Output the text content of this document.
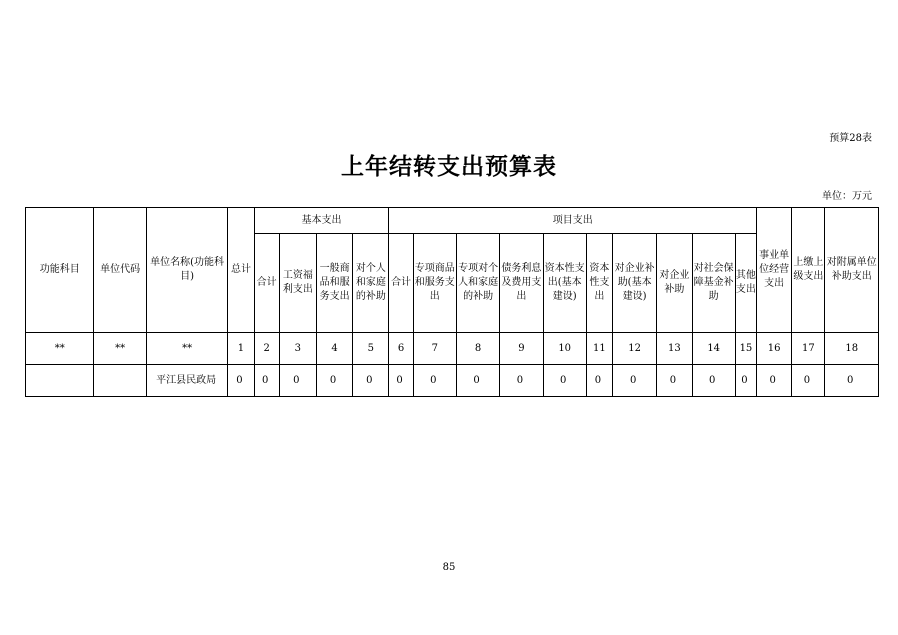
预算28表
上年结转支出预算表
单位：万元
功能科目	单位代码	单位名称(功能科目)	总计	基本支出				项目支出										事业单位经营支出	上缴上级支出	对附属单位补助支出
				合计	工资福利支出	一般商品和服务支出	对个人和家庭的补助	合计	专项商品和服务支出	专项对个人和家庭的补助	债务利息及费用支出	资本性支出(基本建设)	资本性支出	对企业补助(基本建设)	对企业补助	对社会保障基金补助	其他支出			
**	**	**	1	2	3	4	5	6	7	8	9	10	11	12	13	14	15	16	17	18
		平江县民政局	0	0	0	0	0	0	0	0	0	0	0	0	0	0	0	0	0	0
85
